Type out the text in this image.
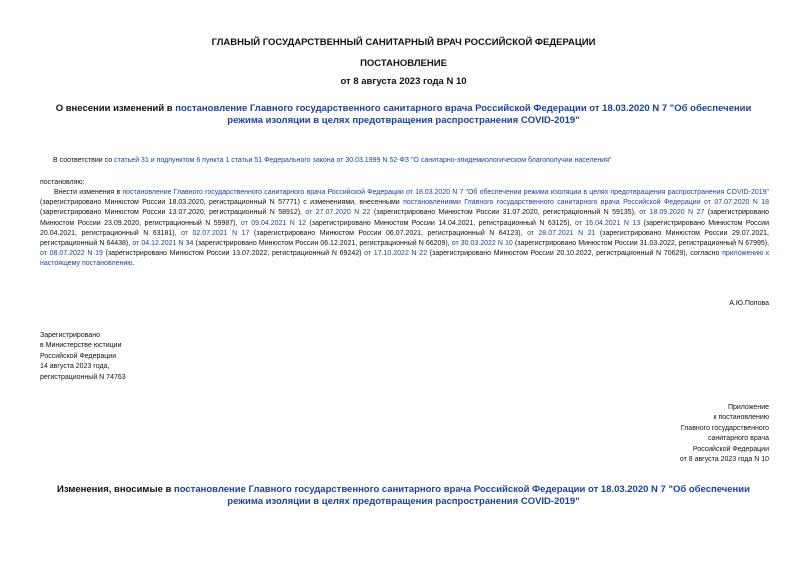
ГЛАВНЫЙ ГОСУДАРСТВЕННЫЙ САНИТАРНЫЙ ВРАЧ РОССИЙСКОЙ ФЕДЕРАЦИИ
ПОСТАНОВЛЕНИЕ
от 8 августа 2023 года N 10
О внесении изменений в постановление Главного государственного санитарного врача Российской Федерации от 18.03.2020 N 7 "Об обеспечении режима изоляции в целях предотвращения распространения COVID-2019"
В соответствии со статьей 31 и подпунктом 6 пункта 1 статьи 51 Федерального закона от 30.03.1999 N 52-ФЗ "О санитарно-эпидемиологическом благополучии населения"
постановляю:
Внести изменения в постановление Главного государственного санитарного врача Российской Федерации от 18.03.2020 N 7 "Об обеспечении режима изоляции в целях предотвращения распространения COVID-2019" (зарегистрировано Минюстом России 18.03.2020, регистрационный N 57771) с изменениями, внесенными постановлениями Главного государственного санитарного врача Российской Федерации от 07.07.2020 N 18 (зарегистрировано Минюстом России 13.07.2020, регистрационный N 58912), от 27.07.2020 N 22 (зарегистрировано Минюстом России 31.07.2020, регистрационный N 59135), от 18.09.2020 N 27 (зарегистрировано Минюстом России 23.09.2020, регистрационный N 59987), от 09.04.2021 N 12 (зарегистрировано Минюстом России 14.04.2021, регистрационный N 63125), от 16.04.2021 N 13 (зарегистрировано Минюстом России 20.04.2021, регистрационный N 63181), от 02.07.2021 N 17 (зарегистрировано Минюстом России 06.07.2021, регистрационный N 64123), от 28.07.2021 N 21 (зарегистрировано Минюстом России 29.07.2021, регистрационный N 64438), от 04.12.2021 N 34 (зарегистрировано Минюстом России 06.12.2021, регистрационный N 66209), от 30.03.2022 N 10 (зарегистрировано Минюстом России 31.03.2022, регистрационный N 67995), от 08.07.2022 N 19 (зарегистрировано Минюстом России 13.07.2022, регистрационный N 69242) от 17.10.2022 N 22 (зарегистрировано Минюстом России 20.10.2022, регистрационный N 70629), согласно приложению к настоящему постановлению.
А.Ю.Попова
Зарегистрировано
в Министерстве юстиции
Российской Федерации
14 августа 2023 года,
регистрационный N 74763
Приложение
к постановлению
Главного государственного
санитарного врача
Российской Федерации
от 8 августа 2023 года N 10
Изменения, вносимые в постановление Главного государственного санитарного врача Российской Федерации от 18.03.2020 N 7 "Об обеспечении режима изоляции в целях предотвращения распространения COVID-2019"
